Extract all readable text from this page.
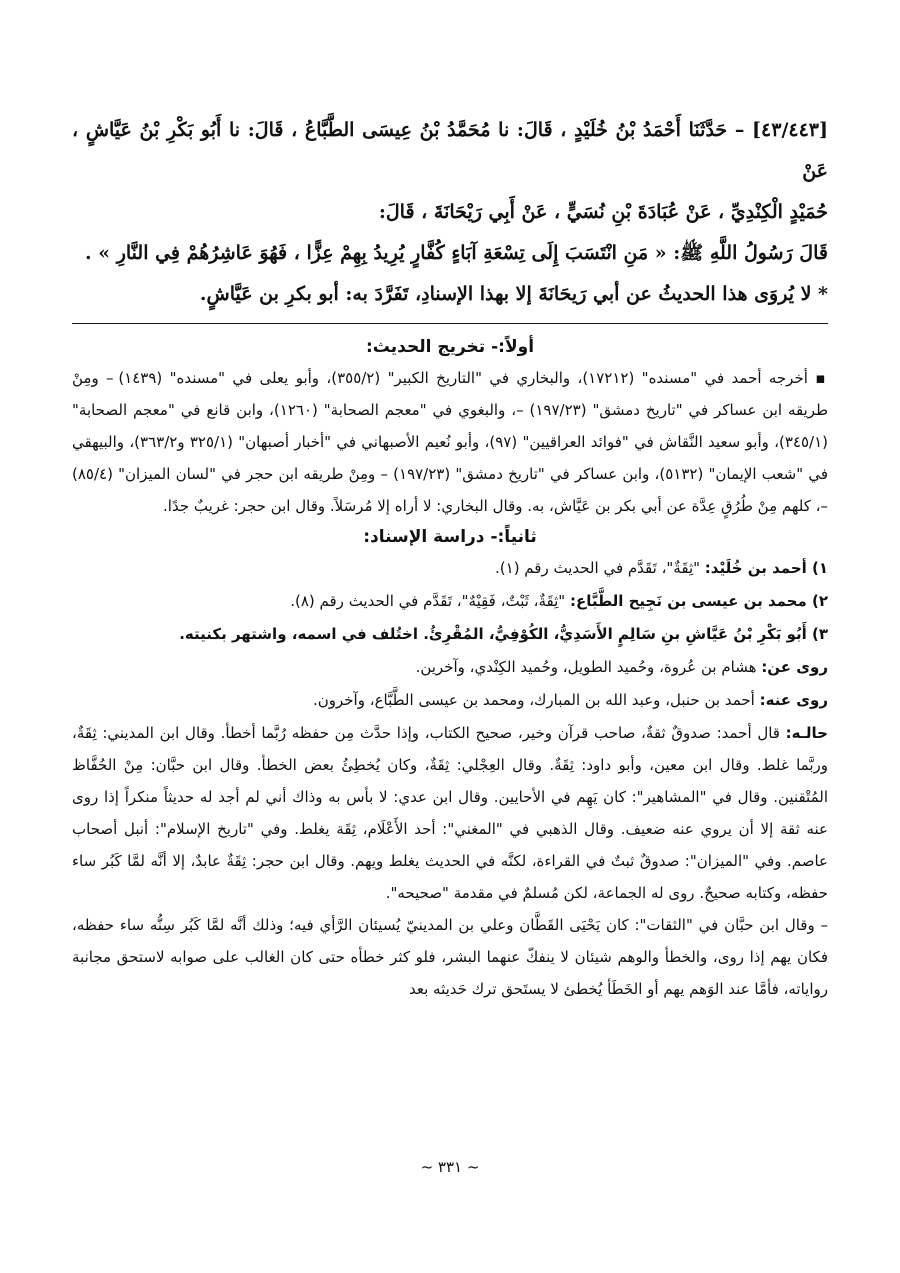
[٤٣/٤٤٣] – حَدَّثَنَا أَحْمَدُ بْنُ خُلَيْدٍ ، قَالَ: نا مُحَمَّدُ بْنُ عِيسَى الطَّبَّاعُ ، قَالَ: نا أَبُو بَكْرِ بْنُ عَيَّاشٍ ، عَنْ

حُمَيْدٍ الْكِنْدِيِّ ، عَنْ عُبَادَةَ بْنِ نُسَيٍّ ، عَنْ أَبِي رَيْحَانَةَ ، قَالَ:

قَالَ رَسُولُ اللَّهِ ﷺ: « مَنِ انْتَسَبَ إِلَى تِسْعَةِ آبَاءٍ كُفَّارٍ يُرِيدُ بِهِمْ عِزًّا ، فَهُوَ عَاشِرُهُمْ فِي النَّارِ » .

* لا يُروَى هذا الحديثُ عن أبي رَيحَانَةَ إلا بهذا الإسنادِ، تَفَرَّدَ به: أبو بكرِ بن عَيَّاشٍ.

أولاً:- تخريج الحديث:

▪ أخرجه أحمد في "مسنده" (١٧٢١٢)، والبخاري في "التاريخ الكبير" (٣٥٥/٢)، وأبو يعلى في "مسنده" (١٤٣٩) – ومِنْ طريقه ابن عساكر في "تاريخ دمشق" (١٩٧/٢٣) –، والبغوي في "معجم الصحابة" (١٢٦٠)، وابن قانع في "معجم الصحابة" (٣٤٥/١)، وأبو سعيد النَّقاش في "فوائد العراقيين" (٩٧)، وأبو نُعيم الأصبهاني في "أخبار أصبهان" (٣٢٥/١ و٣٦٣/٢)، والبيهقي في "شعب الإيمان" (٥١٣٢)، وابن عساكر في "تاريخ دمشق" (١٩٧/٢٣) – ومِنْ طريقه ابن حجر في "لسان الميزان" (٨٥/٤) –، كلهم مِنْ طُرُقٍ عِدَّة عن أبي بكر بن عَيَّاش، به. وقال البخاري: لا أراه إلا مُرسَلاً. وقال ابن حجر: غريبٌ جدًا.

ثانياً:- دراسة الإسناد:

١) أحمد بن خُلَيْد: "ثِقَةٌ"، تَقَدَّم في الحديث رقم (١).

٢) محمد بن عيسى بن نَجِيح الطَّبَّاع: "ثِقَةٌ، ثَبْتٌ، فَقِيْهٌ"، تَقَدَّم في الحديث رقم (٨).

٣) أَبُو بَكْرِ بْنُ عَيَّاشِ بنِ سَالِمٍ الأَسَدِيُّ، الكُوْفِيُّ، المُقْرِئُ. اختُلف في اسمه، واشتهر بكنيته.

روى عن: هشام بن عُروة، وحُميد الطويل، وحُميد الكِنْدي، وآخرين.

روى عنه: أحمد بن حنبل، وعبد الله بن المبارك، ومحمد بن عيسى الطَّبَّاع، وآخرون.

حالـه: قال أحمد: صدوقٌ ثقةٌ، صاحب قرآن وخير، صحيح الكتاب، وإذا حدَّث مِن حفظه رُبَّما أخطأ. وقال ابن المديني: ثِقَةٌ، وربَّما غلط. وقال ابن معين، وأبو داود: ثِقَةٌ. وقال العِجْلي: ثِقَةٌ، وكان يُخطِئُ بعض الخطأ. وقال ابن حبَّان: مِنْ الحُفَّاظ المُتْقنين. وقال في "المشاهير": كان يَهِم في الأحايين. وقال ابن عدي: لا بأس به وذاك أني لم أجد له حديثاً منكراً إذا روى عنه ثقة إلا أن يروي عنه ضعيف. وقال الذهبي في "المغني": أحد الأَعْلَام، ثِقَة يغلط. وفي "تاريخ الإسلام": أنبل أصحاب عاصم. وفي "الميزان": صدوقٌ ثبتٌ في القراءة، لكنَّه في الحديث يغلط ويهم. وقال ابن حجر: ثِقَةٌ عابدٌ، إلا أنَّه لمَّا كَبُر ساء حفظه، وكتابه صحيحٌ. روى له الجماعة، لكن مُسلمٌ في مقدمة "صحيحه".

– وقال ابن حبَّان في "الثقات": كان يَحْيَى القَطَّان وعلي بن المدينيّ يُسيئان الرَّأي فيه؛ وذلك أنَّه لمَّا كَبُر سِنُّه ساء حفظه، فكان يهم إذا روى، والخطأ والوهم شيئان لا ينفكّ عنهما البشر، فلو كثر خطأه حتى كان الغالب على صوابه لاستحق مجانبة رواياته، فأمَّا عند الوَهم يهم أو الخَطَأ يُخطئ لا يستَحق ترك حَديثه بعد

~ ٣٣١ ~
